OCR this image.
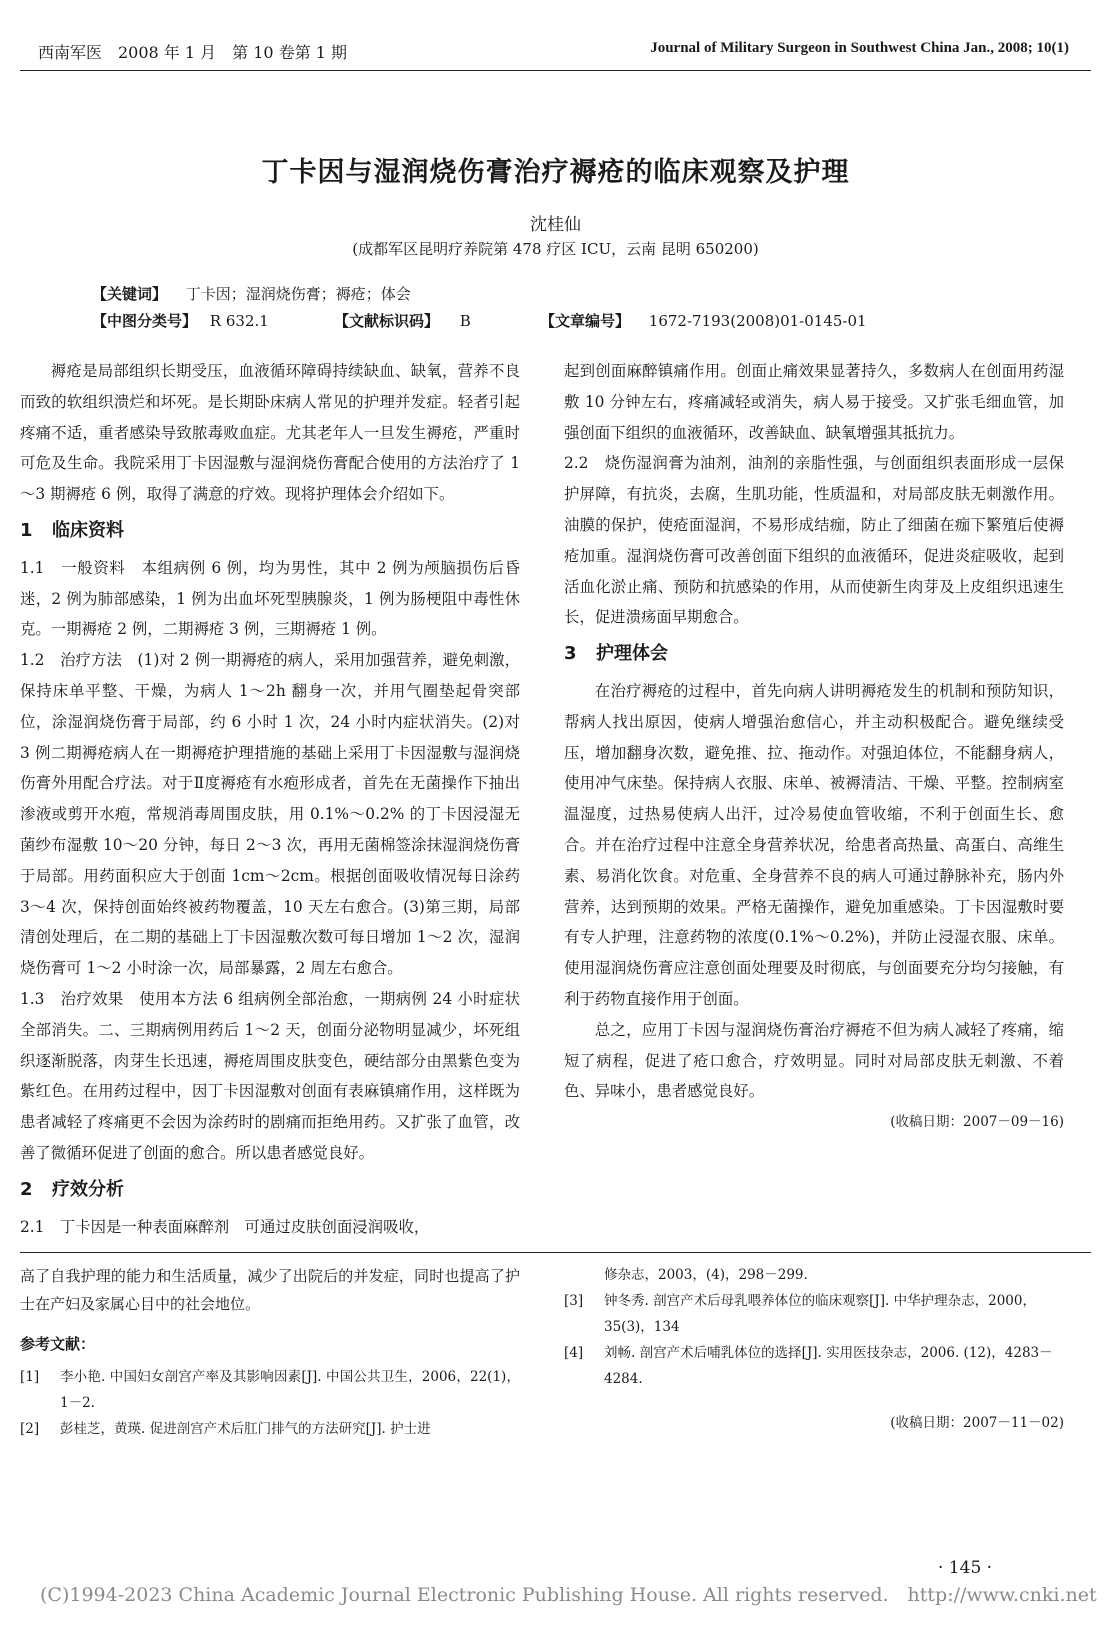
西南军医　2008 年 1 月　第 10 卷第 1 期	Journal of Military Surgeon in Southwest China Jan., 2008; 10(1)
丁卡因与湿润烧伤膏治疗褥疮的临床观察及护理
沈桂仙
(成都军区昆明疗养院第 478 疗区 ICU，云南 昆明 650200)
【关键词】 丁卡因；湿润烧伤膏；褥疮；体会
【中图分类号】 R 632.1	【文献标识码】 B	【文章编号】 1672-7193(2008)01-0145-01

褥疮是局部组织长期受压，血液循环障碍持续缺血、缺氧，营养不良而致的软组织溃烂和坏死。是长期卧床病人常见的护理并发症。轻者引起疼痛不适，重者感染导致脓毒败血症。尤其老年人一旦发生褥疮，严重时可危及生命。我院采用丁卡因湿敷与湿润烧伤膏配合使用的方法治疗了 1～3 期褥疮 6 例，取得了满意的疗效。现将护理体会介绍如下。

1 临床资料

1.1　一般资料　本组病例 6 例，均为男性，其中 2 例为颅脑损伤后昏迷，2 例为肺部感染，1 例为出血坏死型胰腺炎，1 例为肠梗阻中毒性休克。一期褥疮 2 例，二期褥疮 3 例，三期褥疮 1 例。

1.2　治疗方法　(1)对 2 例一期褥疮的病人，采用加强营养，避免刺激，保持床单平整、干燥，为病人 1～2h 翻身一次，并用气圈垫起骨突部位，涂湿润烧伤膏于局部，约 6 小时 1 次，24 小时内症状消失。(2)对 3 例二期褥疮病人在一期褥疮护理措施的基础上采用丁卡因湿敷与湿润烧伤膏外用配合疗法。对于Ⅱ度褥疮有水疱形成者，首先在无菌操作下抽出渗液或剪开水疱，常规消毒周围皮肤，用 0.1%～0.2% 的丁卡因浸湿无菌纱布湿敷 10～20 分钟，每日 2～3 次，再用无菌棉签涂抹湿润烧伤膏于局部。用药面积应大于创面 1cm～2cm。根据创面吸收情况每日涂药 3～4 次，保持创面始终被药物覆盖，10 天左右愈合。(3)第三期，局部清创处理后，在二期的基础上丁卡因湿敷次数可每日增加 1～2 次，湿润烧伤膏可 1～2 小时涂一次，局部暴露，2 周左右愈合。

1.3　治疗效果　使用本方法 6 组病例全部治愈，一期病例 24 小时症状全部消失。二、三期病例用药后 1～2 天，创面分泌物明显减少，坏死组织逐渐脱落，肉芽生长迅速，褥疮周围皮肤变色，硬结部分由黑紫色变为紫红色。在用药过程中，因丁卡因湿敷对创面有表麻镇痛作用，这样既为患者减轻了疼痛更不会因为涂药时的剧痛而拒绝用药。又扩张了血管，改善了微循环促进了创面的愈合。所以患者感觉良好。

2 疗效分析

2.1　丁卡因是一种表面麻醉剂　可通过皮肤创面浸润吸收，

起到创面麻醉镇痛作用。创面止痛效果显著持久，多数病人在创面用药湿敷 10 分钟左右，疼痛减轻或消失，病人易于接受。又扩张毛细血管，加强创面下组织的血液循环，改善缺血、缺氧增强其抵抗力。

2.2　烧伤湿润膏为油剂，油剂的亲脂性强，与创面组织表面形成一层保护屏障，有抗炎，去腐，生肌功能，性质温和，对局部皮肤无刺激作用。油膜的保护，使疮面湿润，不易形成结痂，防止了细菌在痂下繁殖后使褥疮加重。湿润烧伤膏可改善创面下组织的血液循环，促进炎症吸收，起到活血化淤止痛、预防和抗感染的作用，从而使新生肉芽及上皮组织迅速生长，促进溃疡面早期愈合。

3 护理体会

在治疗褥疮的过程中，首先向病人讲明褥疮发生的机制和预防知识，帮病人找出原因，使病人增强治愈信心，并主动积极配合。避免继续受压，增加翻身次数，避免推、拉、拖动作。对强迫体位，不能翻身病人，使用冲气床垫。保持病人衣服、床单、被褥清洁、干燥、平整。控制病室温湿度，过热易使病人出汗，过冷易使血管收缩，不利于创面生长、愈合。并在治疗过程中注意全身营养状况，给患者高热量、高蛋白、高维生素、易消化饮食。对危重、全身营养不良的病人可通过静脉补充，肠内外营养，达到预期的效果。严格无菌操作，避免加重感染。丁卡因湿敷时要有专人护理，注意药物的浓度(0.1%～0.2%)，并防止浸湿衣服、床单。使用湿润烧伤膏应注意创面处理要及时彻底，与创面要充分均匀接触，有利于药物直接作用于创面。

总之，应用丁卡因与湿润烧伤膏治疗褥疮不但为病人减轻了疼痛，缩短了病程，促进了疮口愈合，疗效明显。同时对局部皮肤无刺激、不着色、异味小，患者感觉良好。

(收稿日期：2007－09－16)

高了自我护理的能力和生活质量，减少了出院后的并发症，同时也提高了护士在产妇及家属心目中的社会地位。

参考文献：
[1]	李小艳. 中国妇女剖宫产率及其影响因素[J]. 中国公共卫生，2006，22(1)，1－2.
[2]	彭桂芝，黄瑛. 促进剖宫产术后肛门排气的方法研究[J]. 护士进
修杂志，2003，(4)，298－299.
[3]	钟冬秀. 剖宫产术后母乳喂养体位的临床观察[J]. 中华护理杂志，2000，35(3)，134
[4]	刘畅. 剖宫产术后哺乳体位的选择[J]. 实用医技杂志，2006. (12)，4283－4284.
(收稿日期：2007－11－02)
· 145 ·
(C)1994-2023 China Academic Journal Electronic Publishing House. All rights reserved.　http://www.cnki.net
